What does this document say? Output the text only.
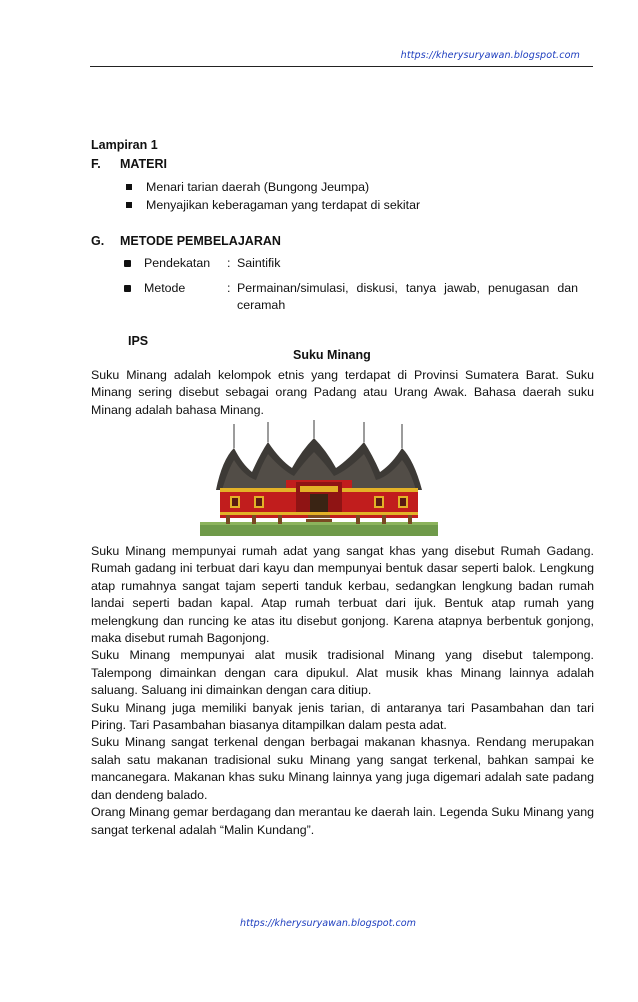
https://kherysuryawan.blogspot.com
Lampiran 1
F. MATERI
Menari tarian daerah (Bungong Jeumpa)
Menyajikan keberagaman yang terdapat di sekitar
G. METODE PEMBELAJARAN
Pendekatan : Saintifik
Metode	: Permainan/simulasi, diskusi, tanya jawab, penugasan dan ceramah
IPS
Suku Minang

Suku Minang adalah kelompok etnis yang terdapat di Provinsi Sumatera Barat. Suku Minang sering disebut sebagai orang Padang atau Urang Awak. Bahasa daerah suku Minang adalah bahasa Minang.

Suku Minang mempunyai rumah adat yang sangat khas yang disebut Rumah Gadang. Rumah gadang ini terbuat dari kayu dan mempunyai bentuk dasar seperti balok. Lengkung atap rumahnya sangat tajam seperti tanduk kerbau, sedangkan lengkung badan rumah landai seperti badan kapal. Atap rumah terbuat dari ijuk. Bentuk atap rumah yang melengkung dan runcing ke atas itu disebut gonjong. Karena atapnya berbentuk gonjong, maka disebut rumah Bagonjong.
Suku Minang mempunyai alat musik tradisional Minang yang disebut talempong. Talempong dimainkan dengan cara dipukul. Alat musik khas Minang lainnya adalah saluang. Saluang ini dimainkan dengan cara ditiup.
Suku Minang juga memiliki banyak jenis tarian, di antaranya tari Pasambahan dan tari Piring. Tari Pasambahan biasanya ditampilkan dalam pesta adat.
Suku Minang sangat terkenal dengan berbagai makanan khasnya. Rendang merupakan salah satu makanan tradisional suku Minang yang sangat terkenal, bahkan sampai ke mancanegara. Makanan khas suku Minang lainnya yang juga digemari adalah sate padang dan dendeng balado.
Orang Minang gemar berdagang dan merantau ke daerah lain. Legenda Suku Minang yang sangat terkenal adalah “Malin Kundang”.
https://kherysuryawan.blogspot.com
